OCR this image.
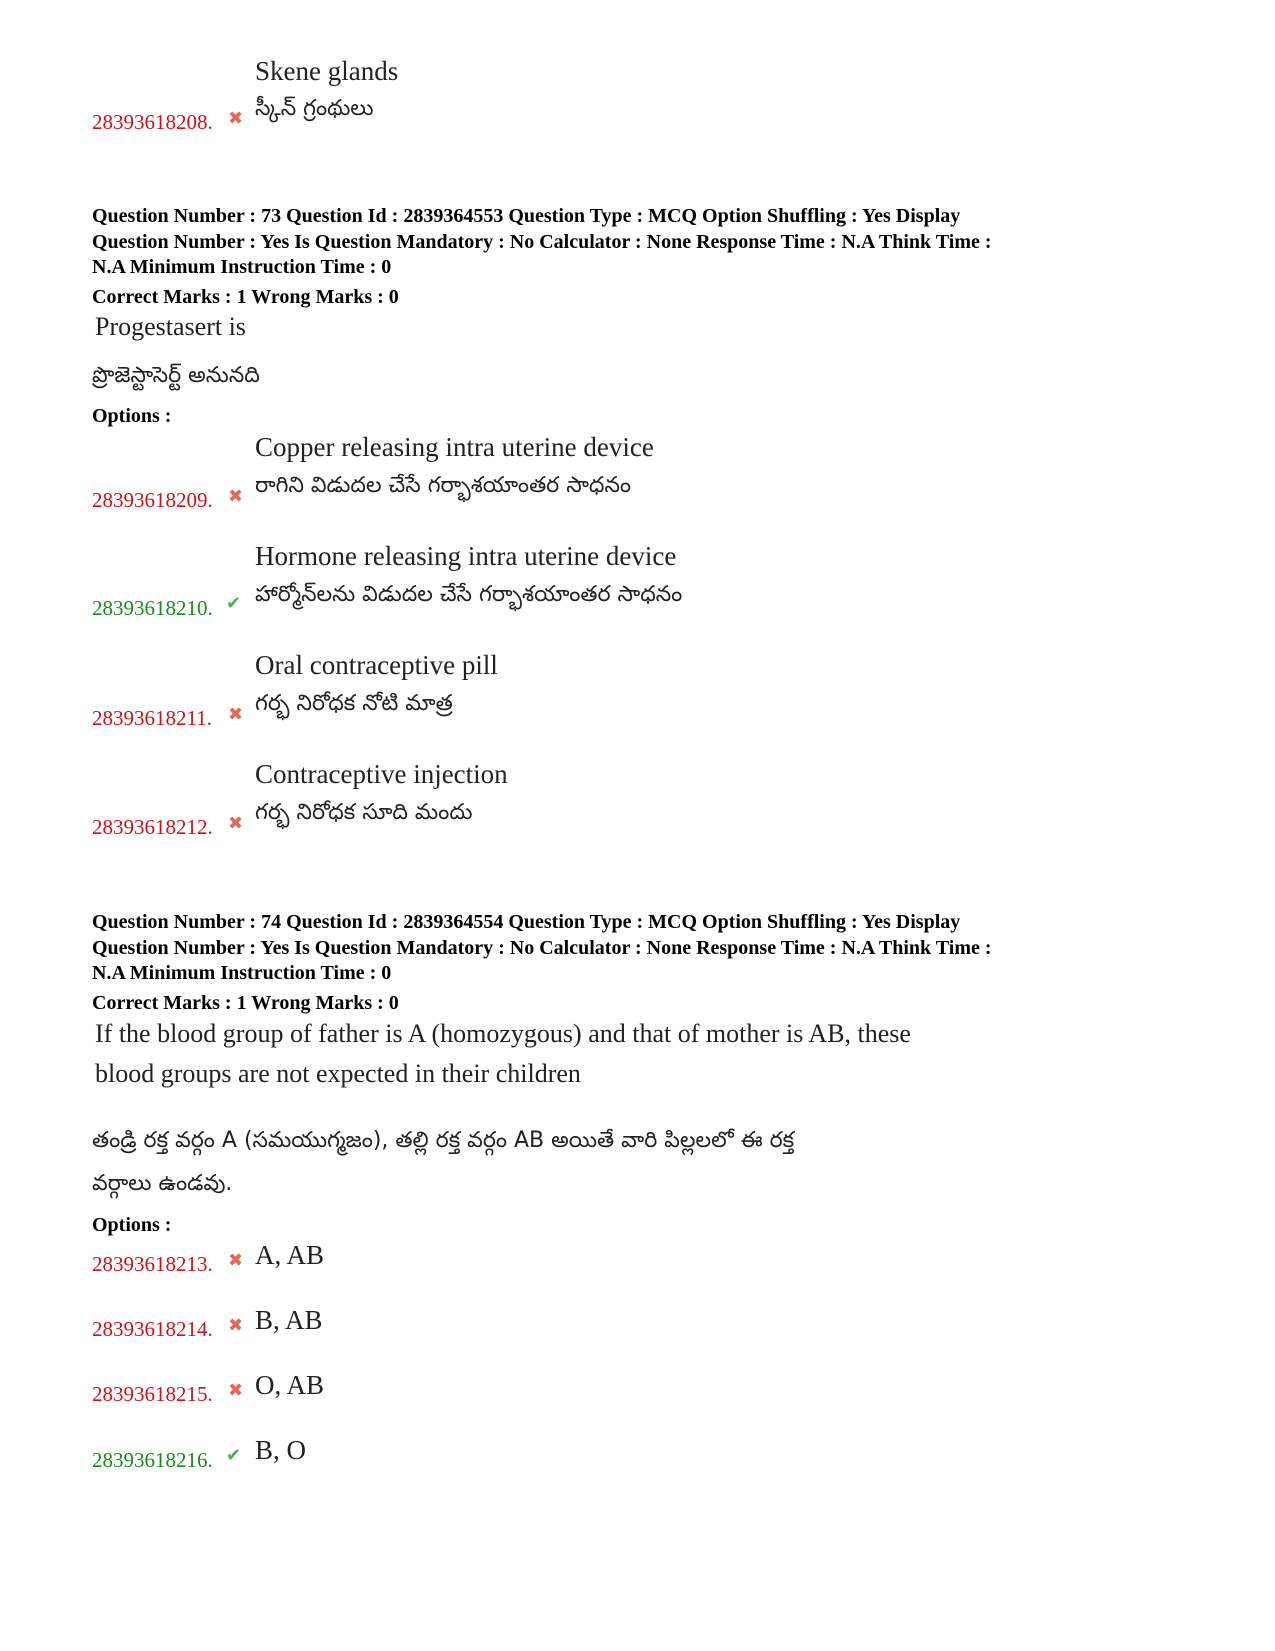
Skene glands
స్కీన్ గ్రంథులు
28393618208. ✖
Question Number : 73 Question Id : 2839364553 Question Type : MCQ Option Shuffling : Yes Display
Question Number : Yes Is Question Mandatory : No Calculator : None Response Time : N.A Think Time :
N.A Minimum Instruction Time : 0
Correct Marks : 1 Wrong Marks : 0
Progestasert is
ప్రొజెస్టాసెర్ట్ అనునది
Options :
Copper releasing intra uterine device
రాగిని విడుదల చేసే గర్భాశయాంతర సాధనం
28393618209. ✖
Hormone releasing intra uterine device
హార్మోన్‌లను విడుదల చేసే గర్భాశయాంతర సాధనం
28393618210. ✔
Oral contraceptive pill
గర్భ నిరోధక నోటి మాత్ర
28393618211. ✖
Contraceptive injection
గర్భ నిరోధక సూది మందు
28393618212. ✖
Question Number : 74 Question Id : 2839364554 Question Type : MCQ Option Shuffling : Yes Display
Question Number : Yes Is Question Mandatory : No Calculator : None Response Time : N.A Think Time :
N.A Minimum Instruction Time : 0
Correct Marks : 1 Wrong Marks : 0
If the blood group of father is A (homozygous) and that of mother is AB, these
blood groups are not expected in their children
తండ్రి రక్త వర్గం A (సమయుగ్మజం), తల్లి రక్త వర్గం AB అయితే వారి పిల్లలలో ఈ రక్త
వర్గాలు ఉండవు.
Options :
28393618213. ✖ A, AB
28393618214. ✖ B, AB
28393618215. ✖ O, AB
28393618216. ✔ B, O
